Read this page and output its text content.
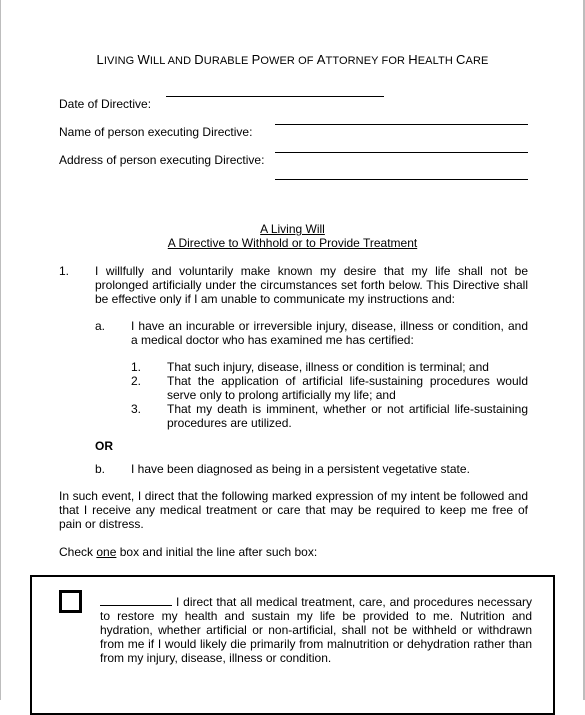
LIVING WILL AND DURABLE POWER OF ATTORNEY FOR HEALTH CARE
Date of Directive:
Name of person executing Directive:
Address of person executing Directive:
A Living Will
A Directive to Withhold or to Provide Treatment
1. I willfully and voluntarily make known my desire that my life shall not be prolonged artificially under the circumstances set forth below. This Directive shall be effective only if I am unable to communicate my instructions and:
a. I have an incurable or irreversible injury, disease, illness or condition, and a medical doctor who has examined me has certified:
1. That such injury, disease, illness or condition is terminal; and
2. That the application of artificial life-sustaining procedures would serve only to prolong artificially my life; and
3. That my death is imminent, whether or not artificial life-sustaining procedures are utilized.
OR
b. I have been diagnosed as being in a persistent vegetative state.
In such event, I direct that the following marked expression of my intent be followed and that I receive any medical treatment or care that may be required to keep me free of pain or distress.
Check one box and initial the line after such box:
I direct that all medical treatment, care, and procedures necessary to restore my health and sustain my life be provided to me. Nutrition and hydration, whether artificial or non-artificial, shall not be withheld or withdrawn from me if I would likely die primarily from malnutrition or dehydration rather than from my injury, disease, illness or condition.
